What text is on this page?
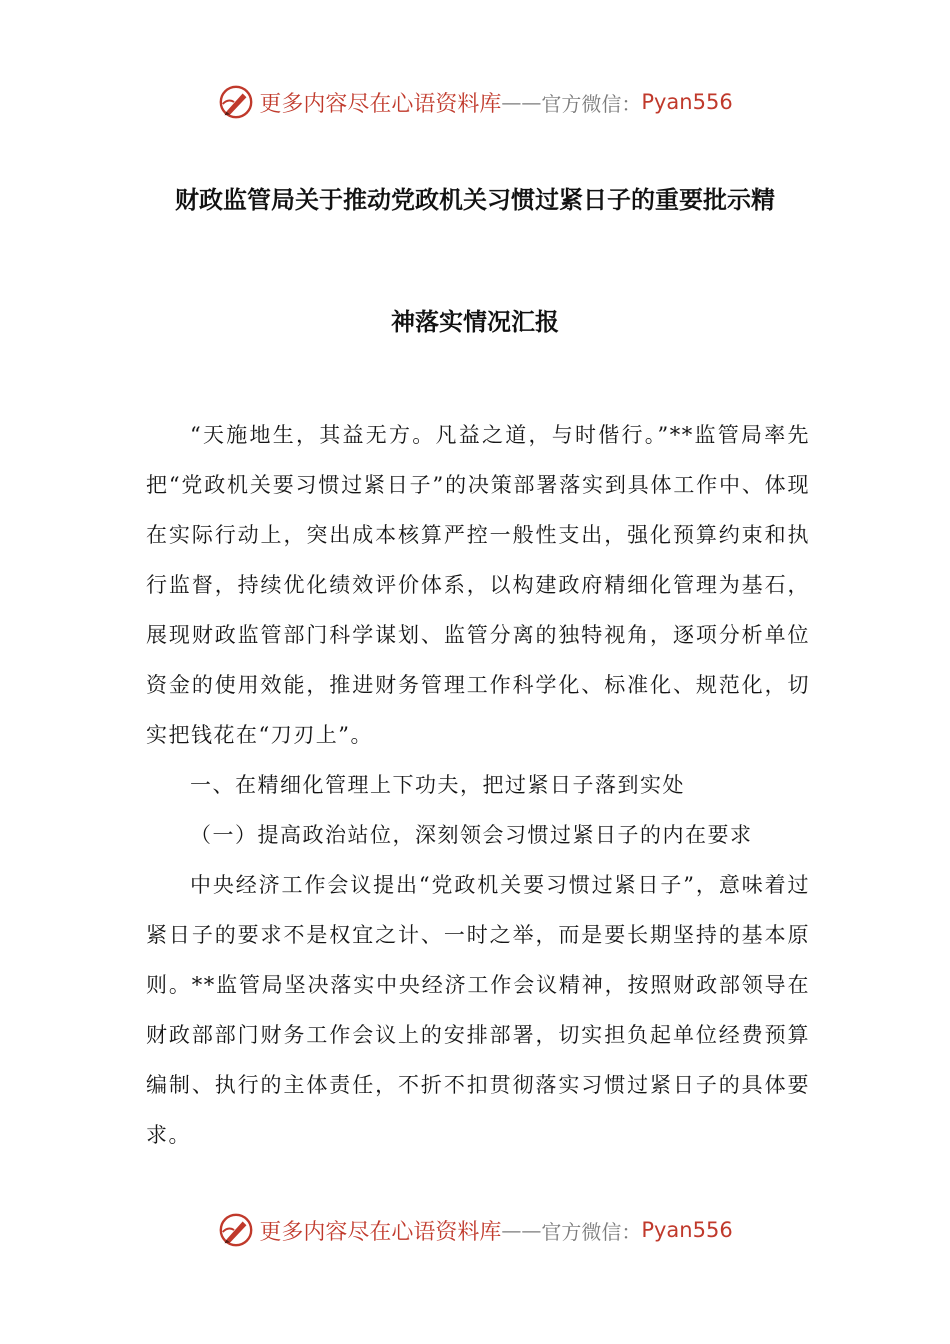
更多内容尽在心语资料库 —— 官方微信： Pyan556
财政监管局关于推动党政机关习惯过紧日子的重要批示精
神落实情况汇报

“天施地生，其益无方。凡益之道，与时偕行。”**监管局率先把“党政机关要习惯过紧日子”的决策部署落实到具体工作中、体现在实际行动上，突出成本核算严控一般性支出，强化预算约束和执行监督，持续优化绩效评价体系，以构建政府精细化管理为基石，展现财政监管部门科学谋划、监管分离的独特视角，逐项分析单位资金的使用效能，推进财务管理工作科学化、标准化、规范化，切实把钱花在“刀刃上”。

一、在精细化管理上下功夫，把过紧日子落到实处

（一）提高政治站位，深刻领会习惯过紧日子的内在要求

中央经济工作会议提出“党政机关要习惯过紧日子”，意味着过紧日子的要求不是权宜之计、一时之举，而是要长期坚持的基本原则。**监管局坚决落实中央经济工作会议精神，按照财政部领导在财政部部门财务工作会议上的安排部署，切实担负起单位经费预算编制、执行的主体责任，不折不扣贯彻落实习惯过紧日子的具体要求。

更多内容尽在心语资料库 —— 官方微信： Pyan556
